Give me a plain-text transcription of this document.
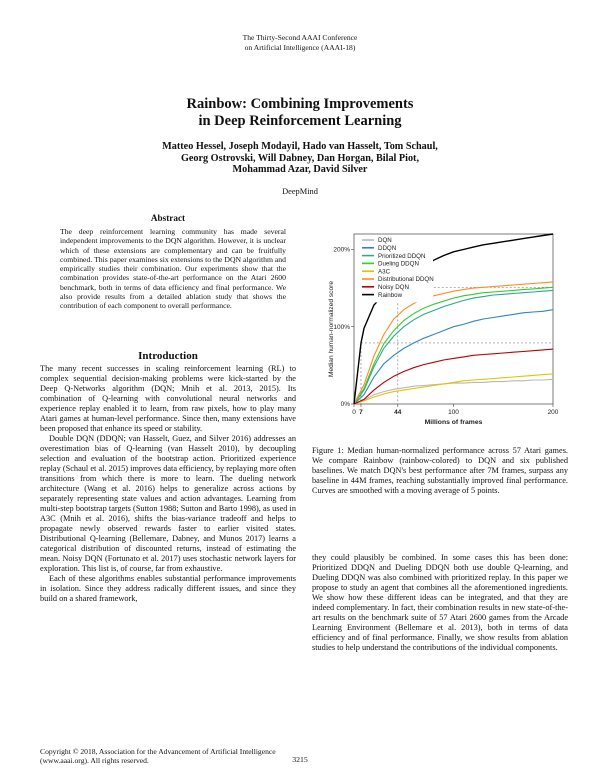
The Thirty-Second AAAI Conference
on Artificial Intelligence (AAAI-18)
Rainbow: Combining Improvements
in Deep Reinforcement Learning
Matteo Hessel, Joseph Modayil, Hado van Hasselt, Tom Schaul,
Georg Ostrovski, Will Dabney, Dan Horgan, Bilal Piot,
Mohammad Azar, David Silver
DeepMind
Abstract
The deep reinforcement learning community has made several independent improvements to the DQN algorithm. However, it is unclear which of these extensions are complementary and can be fruitfully combined. This paper examines six extensions to the DQN algorithm and empirically studies their combination. Our experiments show that the combination provides state-of-the-art performance on the Atari 2600 benchmark, both in terms of data efficiency and final performance. We also provide results from a detailed ablation study that shows the contribution of each component to overall performance.
Introduction

The many recent successes in scaling reinforcement learning (RL) to complex sequential decision-making problems were kick-started by the Deep Q-Networks algorithm (DQN; Mnih et al. 2013, 2015). Its combination of Q-learning with convolutional neural networks and experience replay enabled it to learn, from raw pixels, how to play many Atari games at human-level performance. Since then, many extensions have been proposed that enhance its speed or stability.

Double DQN (DDQN; van Hasselt, Guez, and Silver 2016) addresses an overestimation bias of Q-learning (van Hasselt 2010), by decoupling selection and evaluation of the bootstrap action. Prioritized experience replay (Schaul et al. 2015) improves data efficiency, by replaying more often transitions from which there is more to learn. The dueling network architecture (Wang et al. 2016) helps to generalize across actions by separately representing state values and action advantages. Learning from multi-step bootstrap targets (Sutton 1988; Sutton and Barto 1998), as used in A3C (Mnih et al. 2016), shifts the bias-variance tradeoff and helps to propagate newly observed rewards faster to earlier visited states. Distributional Q-learning (Bellemare, Dabney, and Munos 2017) learns a categorical distribution of discounted returns, instead of estimating the mean. Noisy DQN (Fortunato et al. 2017) uses stochastic network layers for exploration. This list is, of course, far from exhaustive.

Each of these algorithms enables substantial performance improvements in isolation. Since they address radically different issues, and since they build on a shared framework,

0 7	44	100	200
0%
100%
200%
Millions of frames
Median human-normalized score
DQN
DDQN
Prioritized DDQN
Dueling DDQN
A3C
Distributional DDQN
Noisy DQN
Rainbow
Figure 1: Median human-normalized performance across 57 Atari games. We compare Rainbow (rainbow-colored) to DQN and six published baselines. We match DQN's best performance after 7M frames, surpass any baseline in 44M frames, reaching substantially improved final performance. Curves are smoothed with a moving average of 5 points.

they could plausibly be combined. In some cases this has been done: Prioritized DDQN and Dueling DDQN both use double Q-learning, and Dueling DDQN was also combined with prioritized replay. In this paper we propose to study an agent that combines all the aforementioned ingredients. We show how these different ideas can be integrated, and that they are indeed complementary. In fact, their combination results in new state-of-the-art results on the benchmark suite of 57 Atari 2600 games from the Arcade Learning Environment (Bellemare et al. 2013), both in terms of data efficiency and of final performance. Finally, we show results from ablation studies to help understand the contributions of the individual components.

Copyright © 2018, Association for the Advancement of Artificial Intelligence (www.aaai.org). All rights reserved.	3215
